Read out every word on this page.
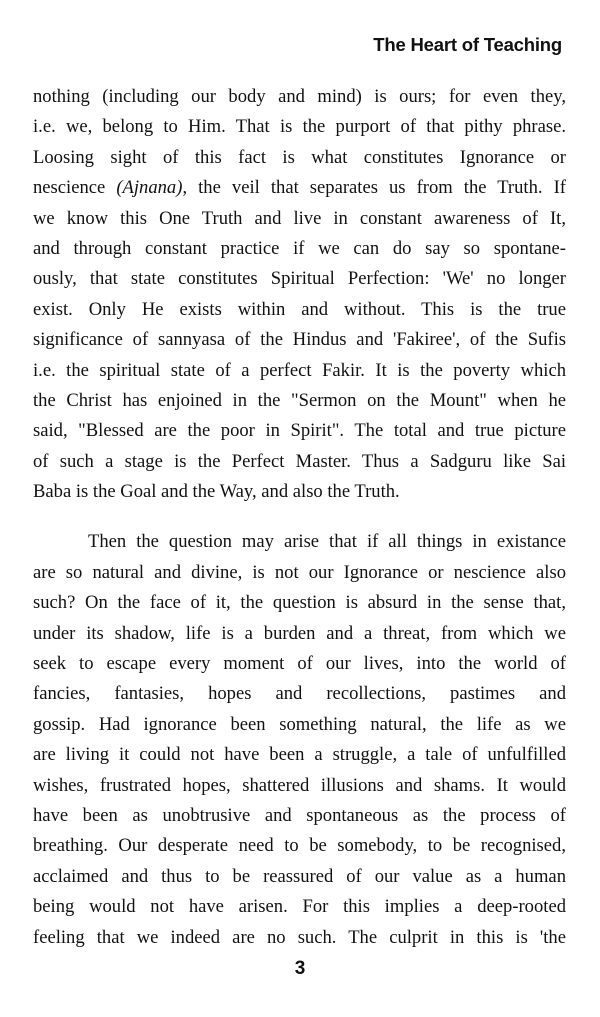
The Heart of Teaching
nothing (including our body and mind) is ours; for even they,
i.e. we, belong to Him. That is the purport of that pithy phrase.
Loosing sight of this fact is what constitutes Ignorance or
nescience (Ajnana), the veil that separates us from the Truth. If
we know this One Truth and live in constant awareness of It,
and through constant practice if we can do say so spontane-
ously, that state constitutes Spiritual Perfection: 'We' no longer
exist. Only He exists within and without. This is the true
significance of sannyasa of the Hindus and 'Fakiree', of the Sufis
i.e. the spiritual state of a perfect Fakir. It is the poverty which
the Christ has enjoined in the "Sermon on the Mount" when he
said, "Blessed are the poor in Spirit". The total and true picture
of such a stage is the Perfect Master. Thus a Sadguru like Sai
Baba is the Goal and the Way, and also the Truth.
Then the question may arise that if all things in existance
are so natural and divine, is not our Ignorance or nescience also
such? On the face of it, the question is absurd in the sense that,
under its shadow, life is a burden and a threat, from which we
seek to escape every moment of our lives, into the world of
fancies, fantasies, hopes and recollections, pastimes and
gossip. Had ignorance been something natural, the life as we
are living it could not have been a struggle, a tale of unfulfilled
wishes, frustrated hopes, shattered illusions and shams. It would
have been as unobtrusive and spontaneous as the process of
breathing. Our desperate need to be somebody, to be recognised,
acclaimed and thus to be reassured of our value as a human
being would not have arisen. For this implies a deep-rooted
feeling that we indeed are no such. The culprit in this is 'the
3
